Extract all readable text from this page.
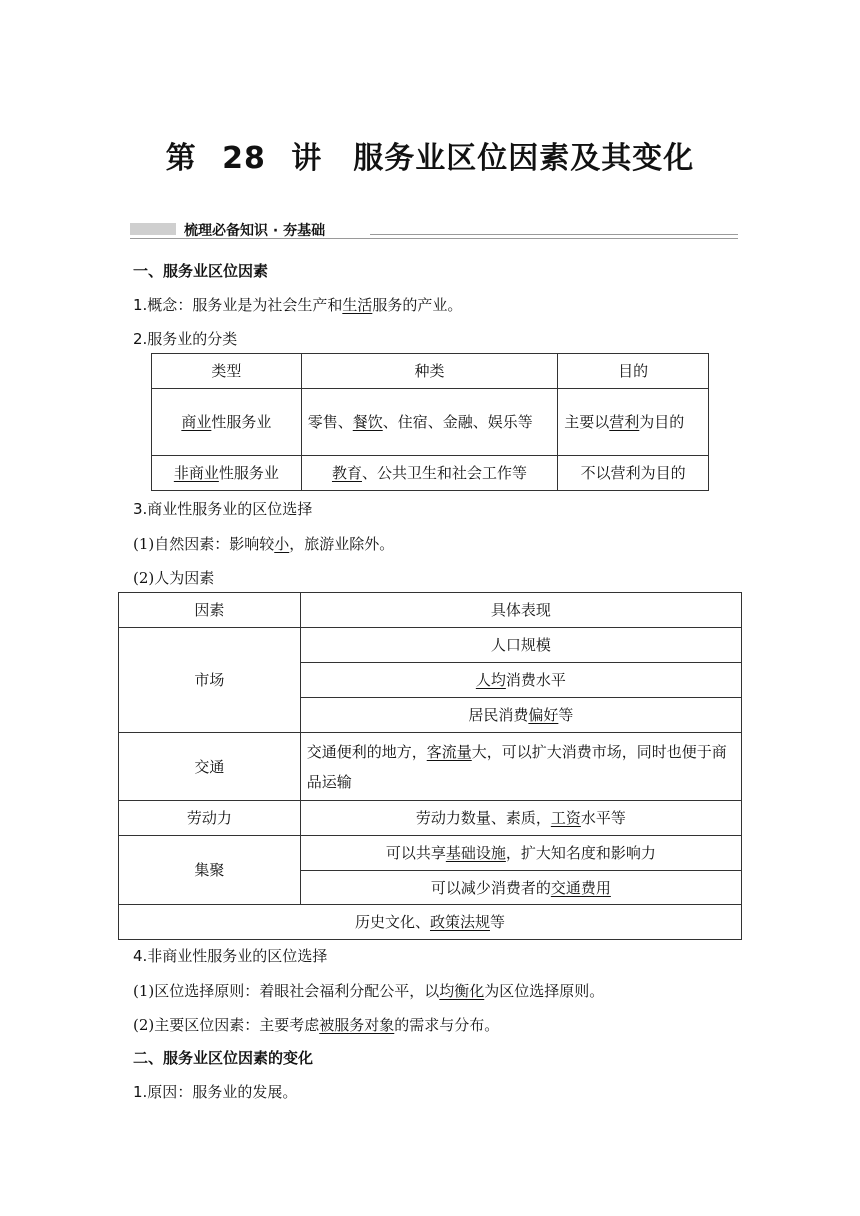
第 28 讲　服务业区位因素及其变化
梳理必备知识 · 夯基础
一、服务业区位因素
1.概念：服务业是为社会生产和生活服务的产业。
2.服务业的分类
类型	种类	目的
商业性服务业	零售、餐饮、住宿、金融、娱乐等	主要以营利为目的
非商业性服务业	教育、公共卫生和社会工作等	不以营利为目的
3.商业性服务业的区位选择
(1)自然因素：影响较小，旅游业除外。
(2)人为因素
因素	具体表现
市场	人口规模
	人均消费水平
	居民消费偏好等
交通	交通便利的地方，客流量大，可以扩大消费市场，同时也便于商品运输
劳动力	劳动力数量、素质，工资水平等
集聚	可以共享基础设施，扩大知名度和影响力
	可以减少消费者的交通费用
历史文化、政策法规等	
4.非商业性服务业的区位选择
(1)区位选择原则：着眼社会福利分配公平，以均衡化为区位选择原则。
(2)主要区位因素：主要考虑被服务对象的需求与分布。
二、服务业区位因素的变化
1.原因：服务业的发展。
